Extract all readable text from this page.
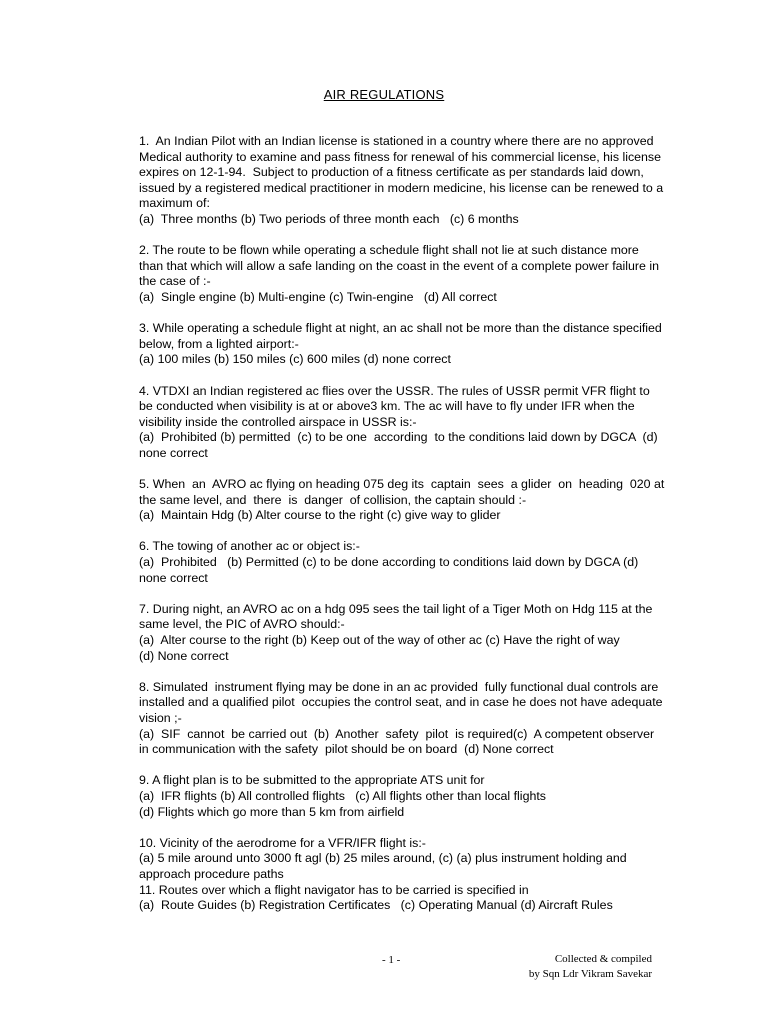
AIR REGULATIONS
1.  An Indian Pilot with an Indian license is stationed in a country where there are no approved
Medical authority to examine and pass fitness for renewal of his commercial license, his license
expires on 12-1-94.  Subject to production of a fitness certificate as per standards laid down,
issued by a registered medical practitioner in modern medicine, his license can be renewed to a
maximum of:
(a)  Three months (b) Two periods of three month each   (c) 6 months
2. The route to be flown while operating a schedule flight shall not lie at such distance more
than that which will allow a safe landing on the coast in the event of a complete power failure in
the case of :-
(a)  Single engine (b) Multi-engine (c) Twin-engine   (d) All correct
3. While operating a schedule flight at night, an ac shall not be more than the distance specified
below, from a lighted airport:-
(a) 100 miles (b) 150 miles (c) 600 miles (d) none correct
4. VTDXI an Indian registered ac flies over the USSR. The rules of USSR permit VFR flight to
be conducted when visibility is at or above3 km. The ac will have to fly under IFR when the
visibility inside the controlled airspace in USSR is:-
(a)  Prohibited (b) permitted  (c) to be one  according  to the conditions laid down by DGCA  (d)
none correct
5. When  an  AVRO ac flying on heading 075 deg its  captain  sees  a glider  on  heading  020 at
the same level, and  there  is  danger  of collision, the captain should :-
(a)  Maintain Hdg (b) Alter course to the right (c) give way to glider
6. The towing of another ac or object is:-
(a)  Prohibited   (b) Permitted (c) to be done according to conditions laid down by DGCA (d)
none correct
7. During night, an AVRO ac on a hdg 095 sees the tail light of a Tiger Moth on Hdg 115 at the
same level, the PIC of AVRO should:-
(a)  Alter course to the right (b) Keep out of the way of other ac (c) Have the right of way
(d) None correct
8. Simulated  instrument flying may be done in an ac provided  fully functional dual controls are
installed and a qualified pilot  occupies the control seat, and in case he does not have adequate
vision ;-
(a)  SIF  cannot  be carried out  (b)  Another  safety  pilot  is required(c)  A competent observer
in communication with the safety  pilot should be on board  (d) None correct
9. A flight plan is to be submitted to the appropriate ATS unit for
(a)  IFR flights (b) All controlled flights   (c) All flights other than local flights
(d) Flights which go more than 5 km from airfield
10. Vicinity of the aerodrome for a VFR/IFR flight is:-
(a) 5 mile around unto 3000 ft agl (b) 25 miles around, (c) (a) plus instrument holding and
approach procedure paths
11. Routes over which a flight navigator has to be carried is specified in
(a)  Route Guides (b) Registration Certificates   (c) Operating Manual (d) Aircraft Rules
- 1 -	Collected & compiled
by Sqn Ldr Vikram Savekar
